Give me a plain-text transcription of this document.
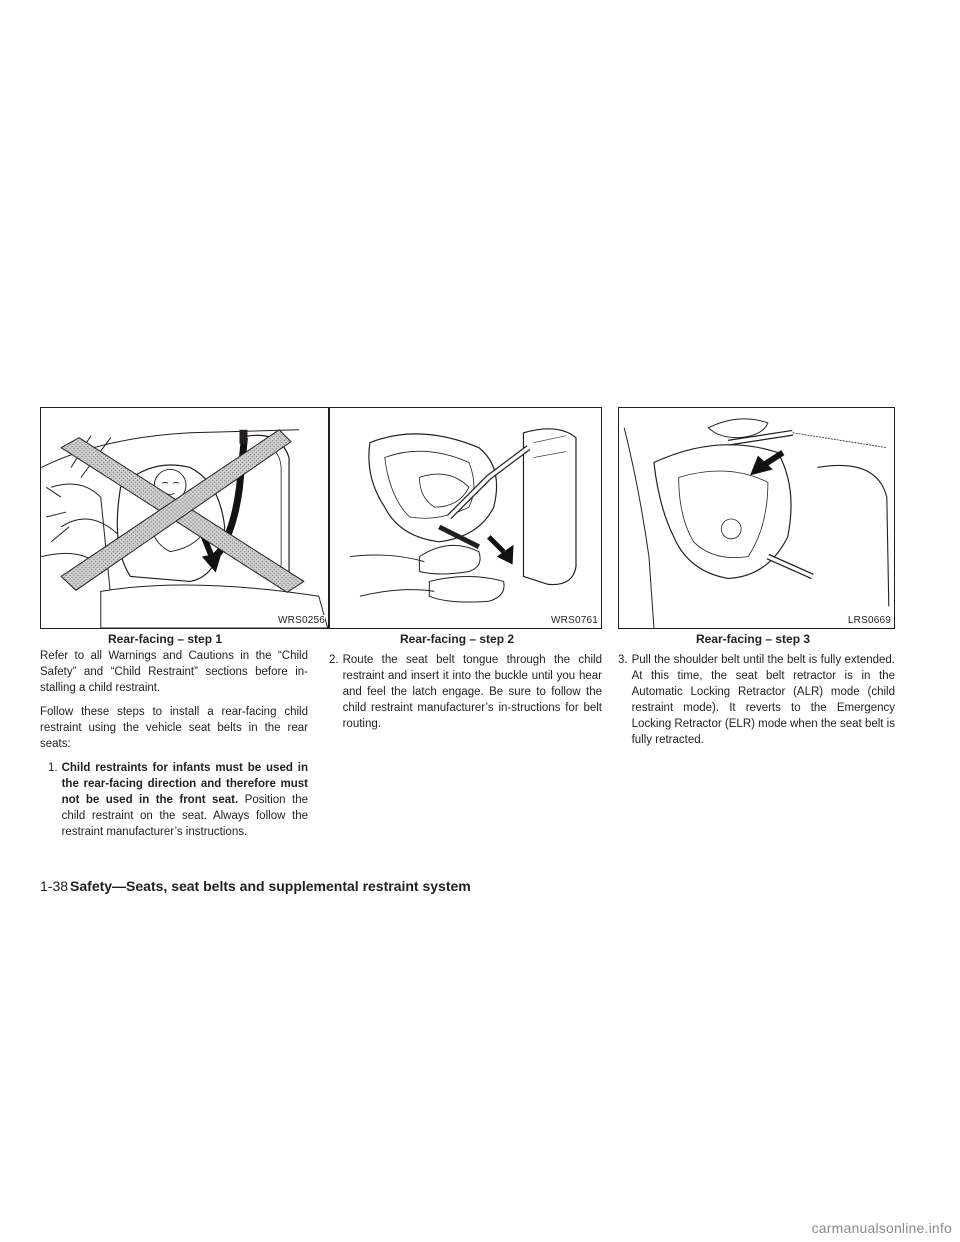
WRS0256	WRS0761	LRS0669
Rear-facing – step 1	Rear-facing – step 2	Rear-facing – step 3

Refer to all Warnings and Cautions in the “Child Safety” and “Child Restraint” sections before in-stalling a child restraint.

Follow these steps to install a rear-facing child restraint using the vehicle seat belts in the rear seats:

1. Child restraints for infants must be used in the rear-facing direction and therefore must not be used in the front seat. Position the child restraint on the seat. Always follow the restraint manufacturer’s instructions.
2. Route the seat belt tongue through the child restraint and insert it into the buckle until you hear and feel the latch engage. Be sure to follow the child restraint manufacturer’s in-structions for belt routing.
3. Pull the shoulder belt until the belt is fully extended. At this time, the seat belt retractor is in the Automatic Locking Retractor (ALR) mode (child restraint mode). It reverts to the Emergency Locking Retractor (ELR) mode when the seat belt is fully retracted.
1-38 Safety—Seats, seat belts and supplemental restraint system
carmanualsonline.info
